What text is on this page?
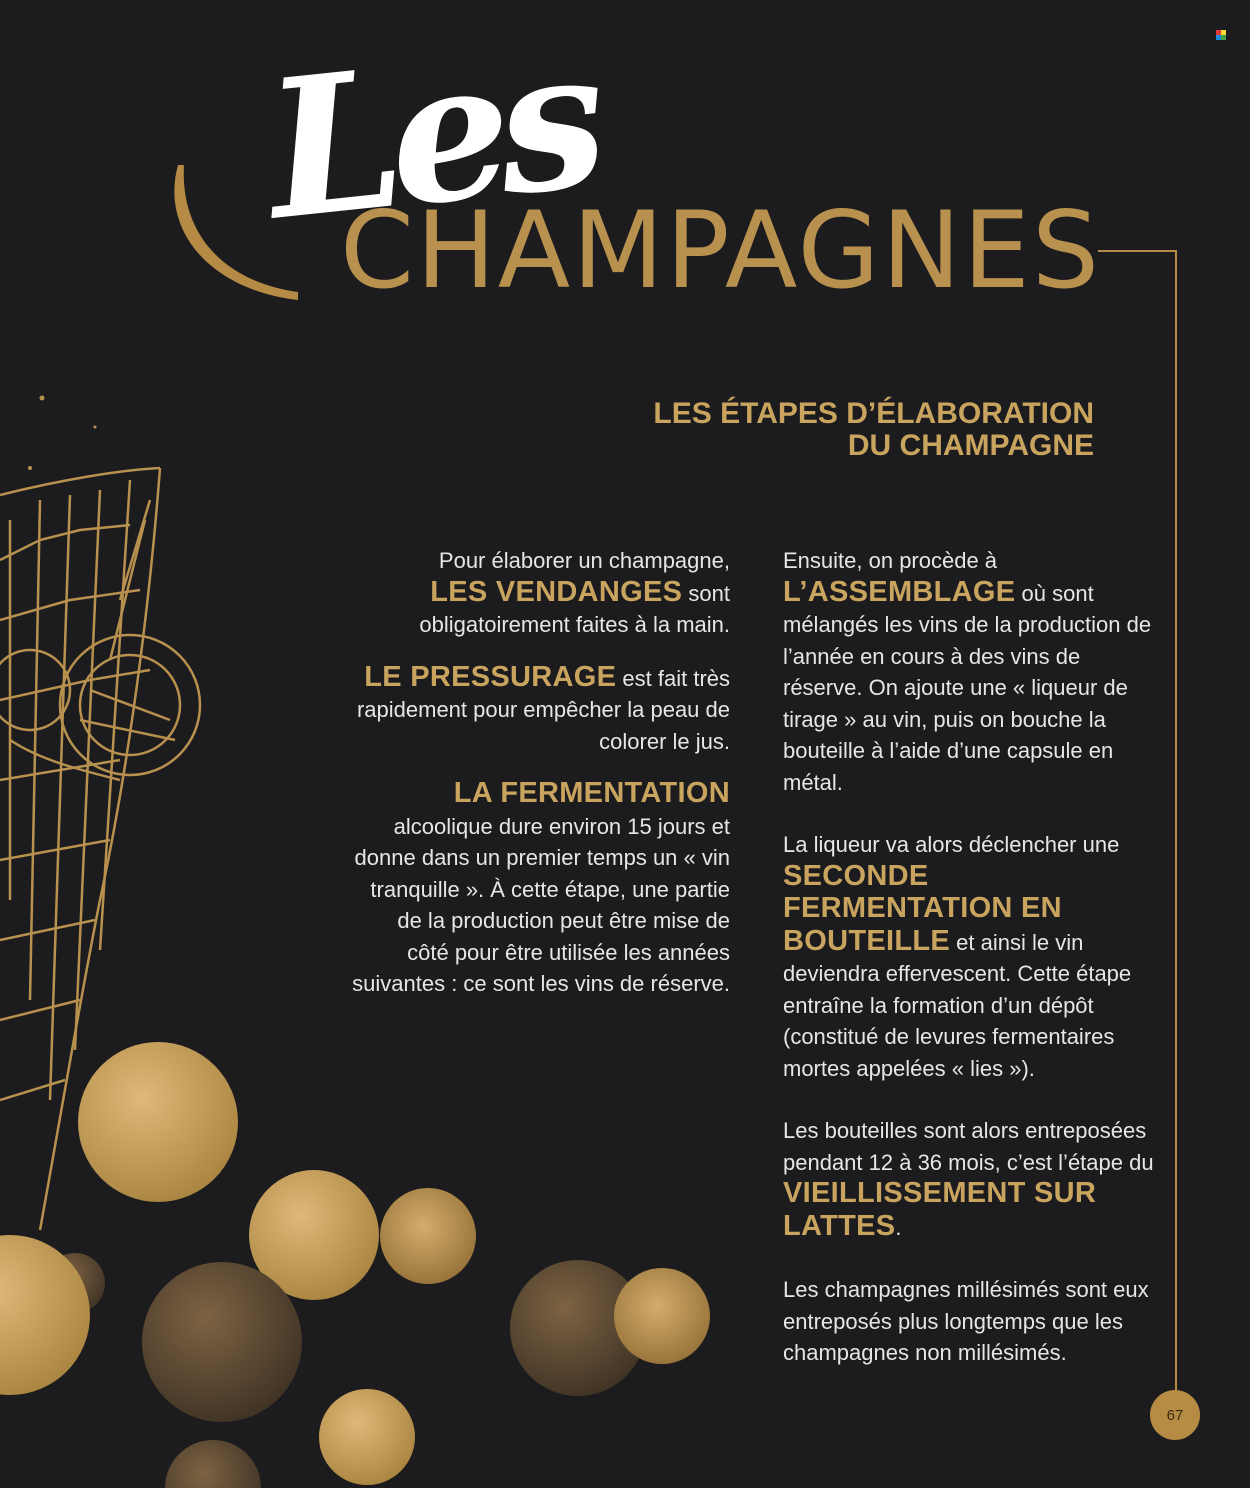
Les
CHAMPAGNES
LES ÉTAPES D’ÉLABORATION
DU CHAMPAGNE

Pour élaborer un champagne,
LES VENDANGES sont obligatoirement faites à la main.

LE PRESSURAGE est fait très rapidement pour empêcher la peau de colorer le jus.

LA FERMENTATION
alcoolique dure environ 15 jours et donne dans un premier temps un « vin tranquille ». À cette étape, une partie de la production peut être mise de côté pour être utilisée les années suivantes : ce sont les vins de réserve.

Ensuite, on procède à
L’ASSEMBLAGE où sont mélangés les vins de la production de l’année en cours à des vins de réserve. On ajoute une « liqueur de tirage » au vin, puis on bouche la bouteille à l’aide d’une capsule en métal.

La liqueur va alors déclencher une SECONDE FERMENTATION EN BOUTEILLE et ainsi le vin deviendra effervescent. Cette étape entraîne la formation d’un dépôt (constitué de levures fermentaires mortes appelées « lies »).

Les bouteilles sont alors entreposées pendant 12 à 36 mois, c’est l’étape du VIEILLISSEMENT SUR LATTES.

Les champagnes millésimés sont eux entreposés plus longtemps que les champagnes non millésimés.

67
